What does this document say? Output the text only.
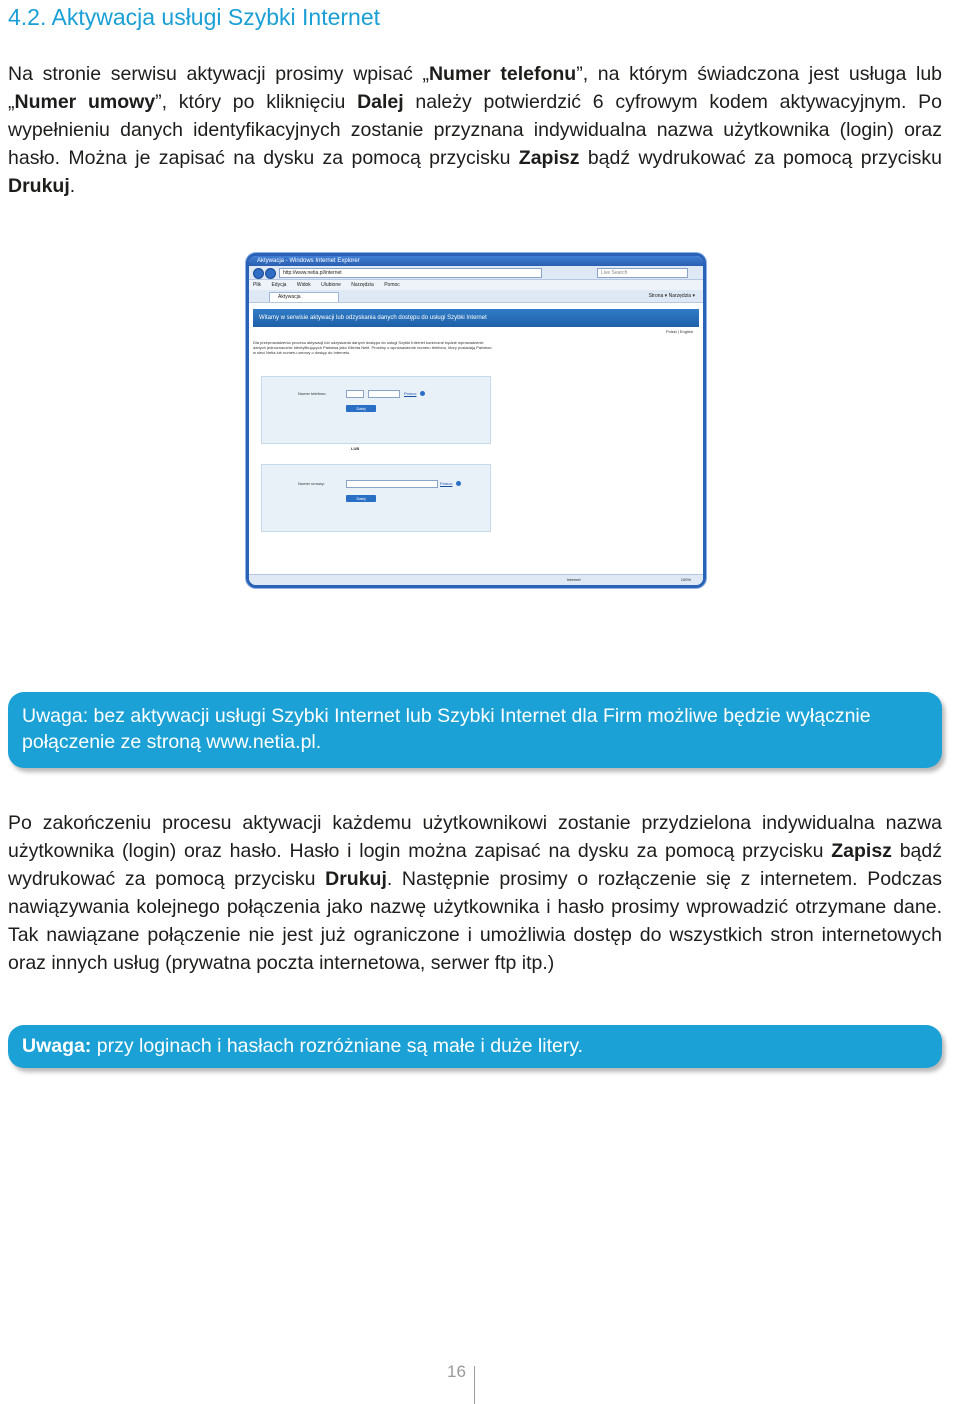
4.2. Aktywacja usługi Szybki Internet

Na stronie serwisu aktywacji prosimy wpisać „Numer telefonu”, na którym świadczona jest usługa lub „Numer umowy”, który po kliknięciu Dalej należy potwierdzić 6 cyfrowym kodem aktywacyjnym. Po wypełnieniu danych identyfikacyjnych zostanie przyznana indywidualna nazwa użytkownika (login) oraz hasło. Można je zapisać na dysku za pomocą przycisku Zapisz bądź wydrukować za pomocą przycisku Drukuj.

Aktywacja - Windows Internet Explorer
http://www.netia.pl/internet	Live Search
Plik Edycja Widok Ulubione Narzędzia Pomoc
Aktywacja	Strona ▾ Narzędzia ▾
Witamy w serwisie aktywacji lub odzyskania danych dostępu do usługi Szybki Internet
Polski | English
Dla przeprowadzenia procesu aktywacji lub odzyskania danych dostępu do usługi Szybki Internet konieczne będzie wprowadzenie danych jednoznacznie identyfikujących Państwa jako Klienta Netii. Prosimy o wprowadzenie numeru telefonu, który posiadają Państwo w sieci Netia lub numeru umowy o dostęp do Internetu.
Numer telefonu:	Pomoc
Dalej
LUB
Numer umowy:	Pomoc
Dalej
Internet	100%
Uwaga: bez aktywacji usługi Szybki Internet lub Szybki Internet dla Firm możliwe będzie wyłącznie połączenie ze stroną www.netia.pl.

Po zakończeniu procesu aktywacji każdemu użytkownikowi zostanie przydzielona indywidualna nazwa użytkownika (login) oraz hasło. Hasło i login można zapisać na dysku za pomocą przycisku Zapisz bądź wydrukować za pomocą przycisku Drukuj. Następnie prosimy o rozłączenie się z internetem. Podczas nawiązywania kolejnego połączenia jako nazwę użytkownika i hasło prosimy wprowadzić otrzymane dane. Tak nawiązane połączenie nie jest już ograniczone i umożliwia dostęp do wszystkich stron internetowych oraz innych usług (prywatna poczta internetowa, serwer ftp itp.)

Uwaga: przy loginach i hasłach rozróżniane są małe i duże litery.
16
